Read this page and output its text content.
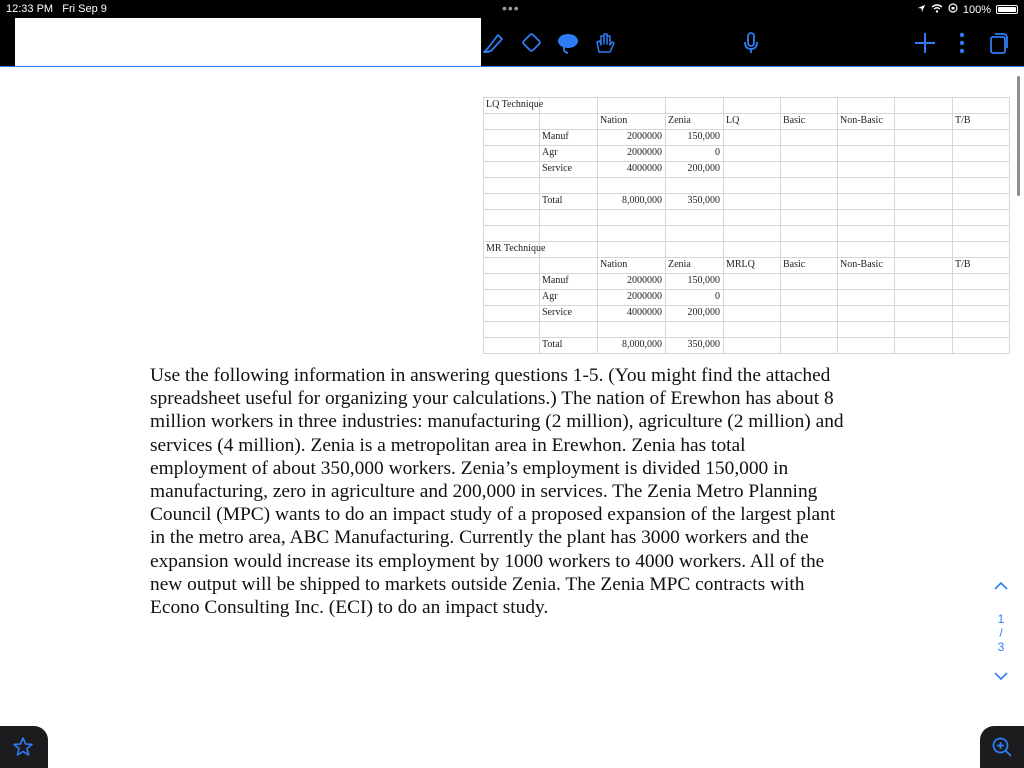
12:33 PM Fri Sep 9	•••	100%
LQ Technique
Nation	Zenia	LQ	Basic	Non-Basic	T/B
Manuf	2000000	150,000
Agr	2000000	0
Service	4000000	200,000
Total	8,000,000	350,000
MR Technique
Nation	Zenia	MRLQ	Basic	Non-Basic	T/B
Manuf	2000000	150,000
Agr	2000000	0
Service	4000000	200,000
Total	8,000,000	350,000
Use the following information in answering questions 1-5. (You might find the attached
spreadsheet useful for organizing your calculations.) The nation of Erewhon has about 8
million workers in three industries: manufacturing (2 million), agriculture (2 million) and
services (4 million). Zenia is a metropolitan area in Erewhon. Zenia has total
employment of about 350,000 workers. Zenia’s employment is divided 150,000 in
manufacturing, zero in agriculture and 200,000 in services. The Zenia Metro Planning
Council (MPC) wants to do an impact study of a proposed expansion of the largest plant
in the metro area, ABC Manufacturing. Currently the plant has 3000 workers and the
expansion would increase its employment by 1000 workers to 4000 workers. All of the
new output will be shipped to markets outside Zenia. The Zenia MPC contracts with
Econo Consulting Inc. (ECI) to do an impact study.
1
/
3
